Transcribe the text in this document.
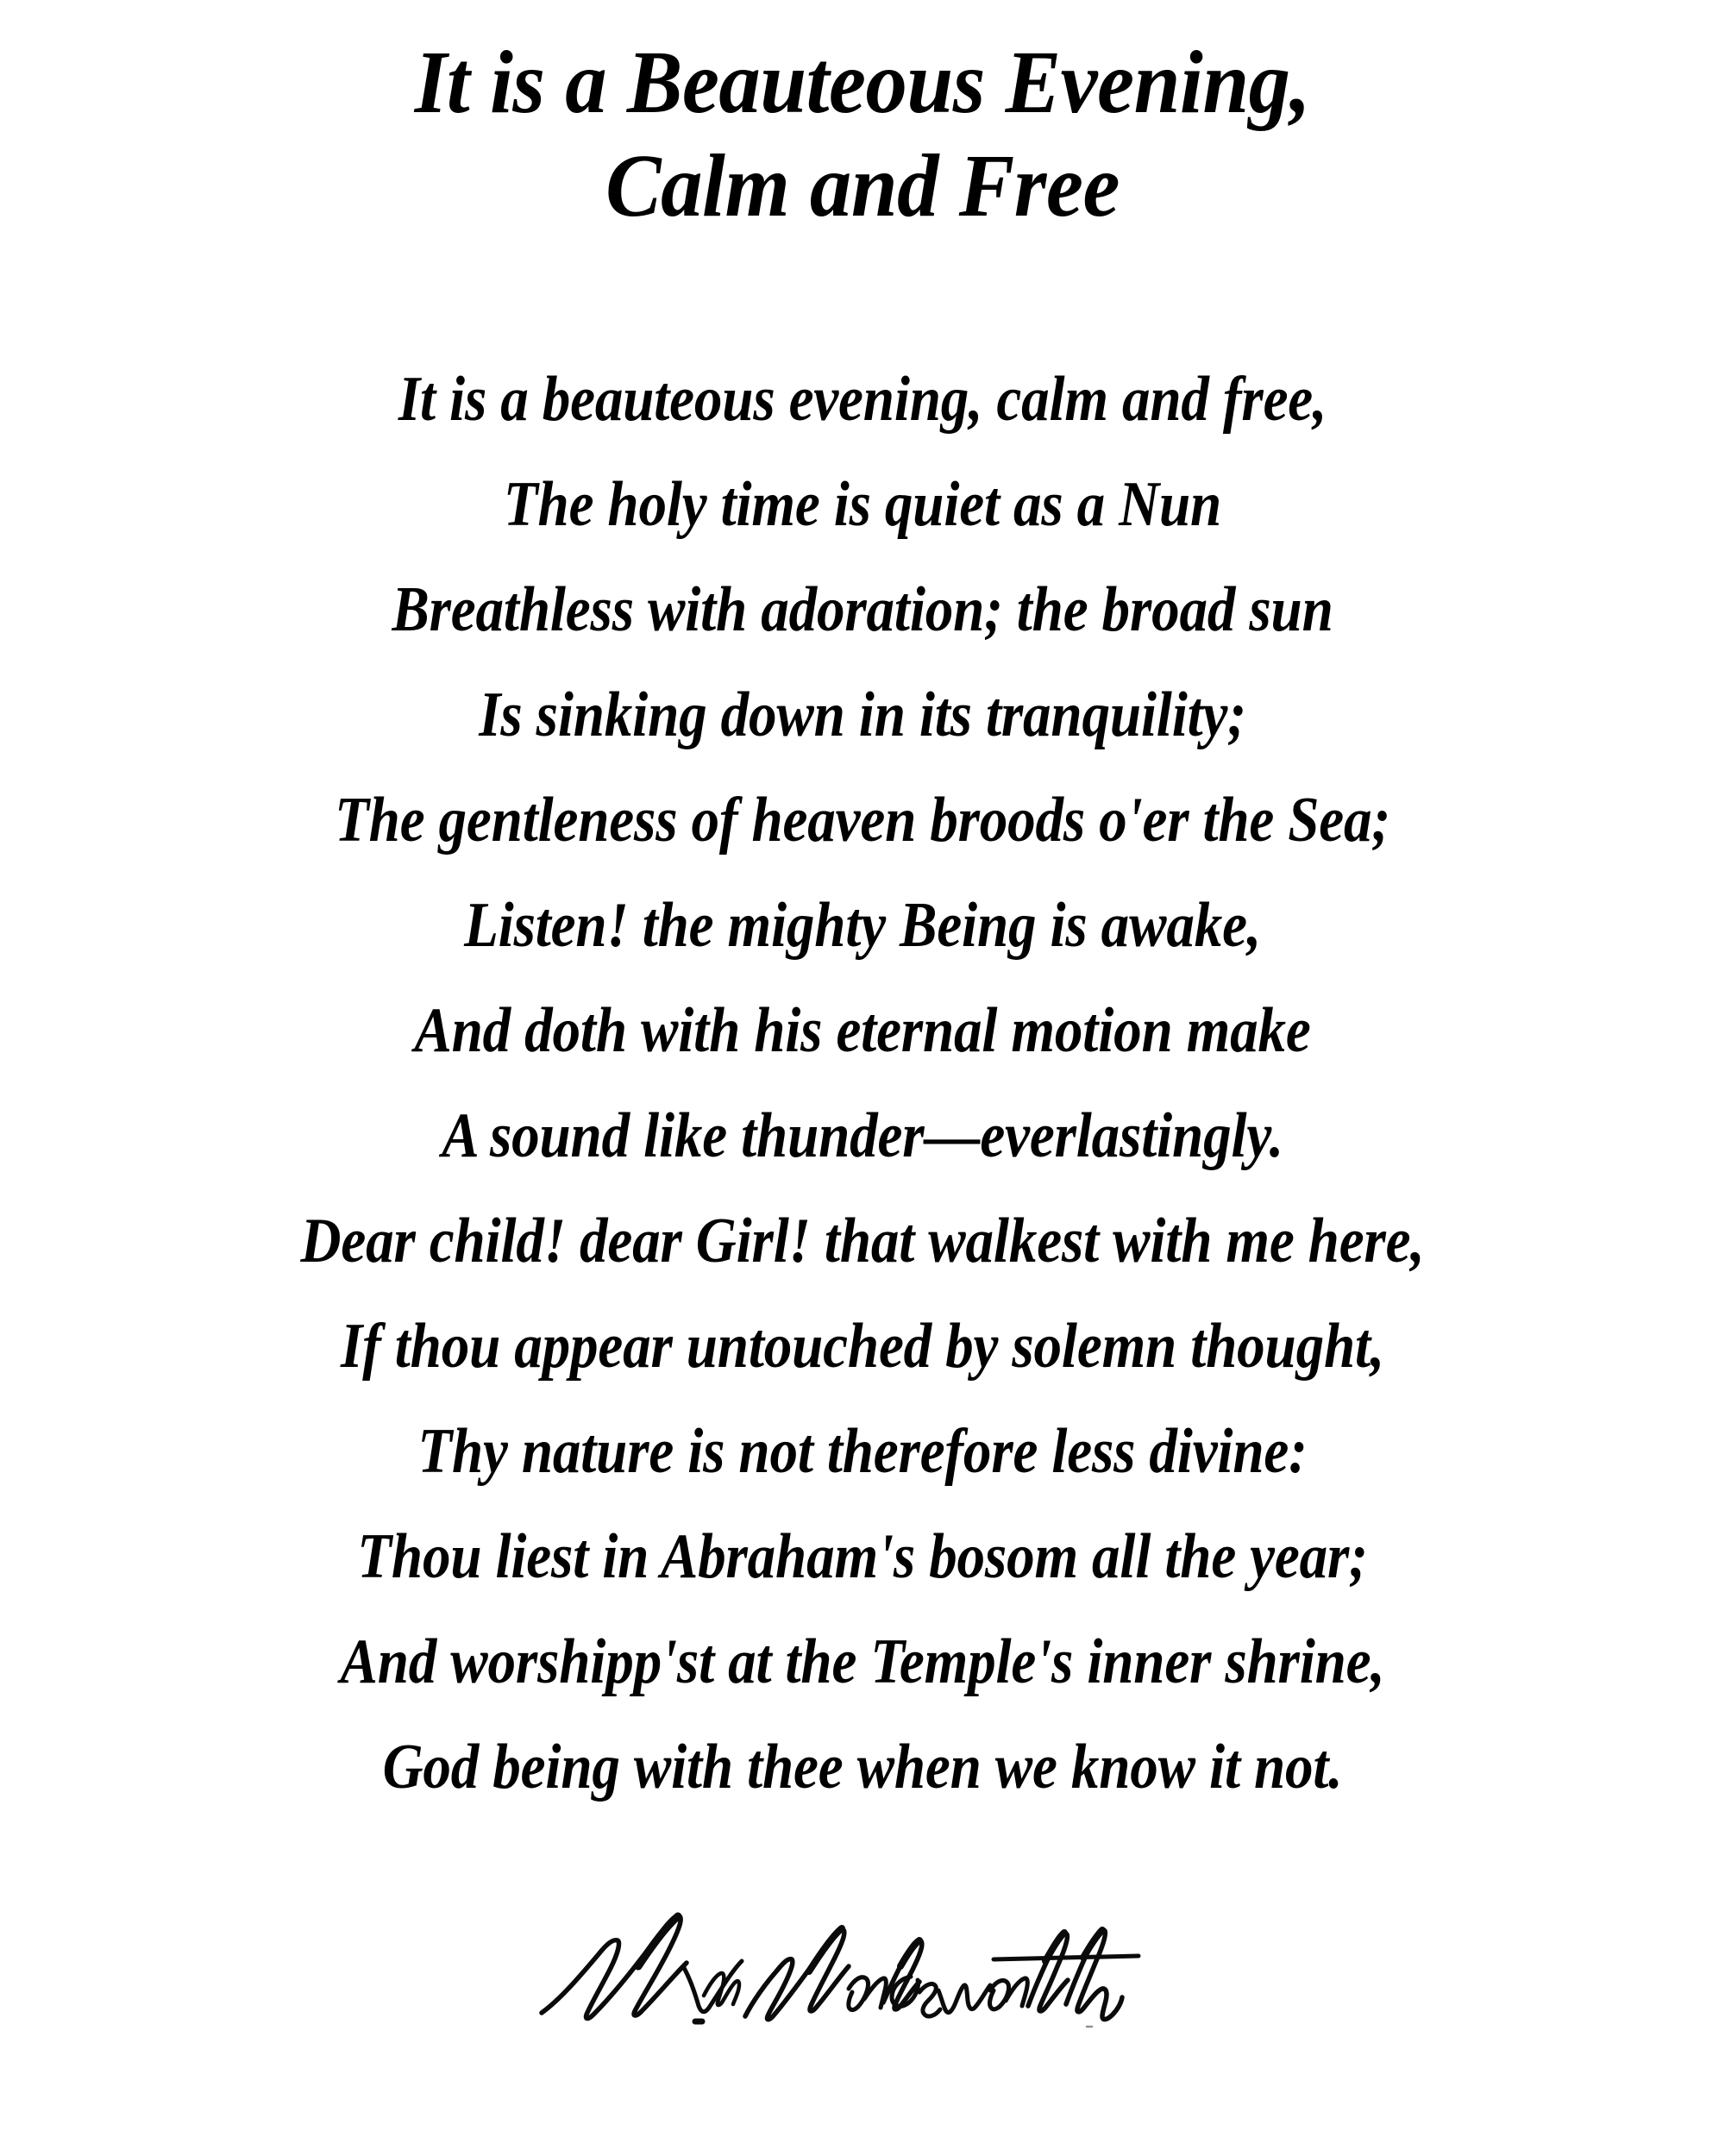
It is a Beauteous Evening,
Calm and Free
It is a beauteous evening, calm and free,
The holy time is quiet as a Nun
Breathless with adoration; the broad sun
Is sinking down in its tranquility;
The gentleness of heaven broods o'er the Sea;
Listen! the mighty Being is awake,
And doth with his eternal motion make
A sound like thunder—everlastingly.
Dear child! dear Girl! that walkest with me here,
If thou appear untouched by solemn thought,
Thy nature is not therefore less divine:
Thou liest in Abraham's bosom all the year;
And worshipp'st at the Temple's inner shrine,
God being with thee when we know it not.
